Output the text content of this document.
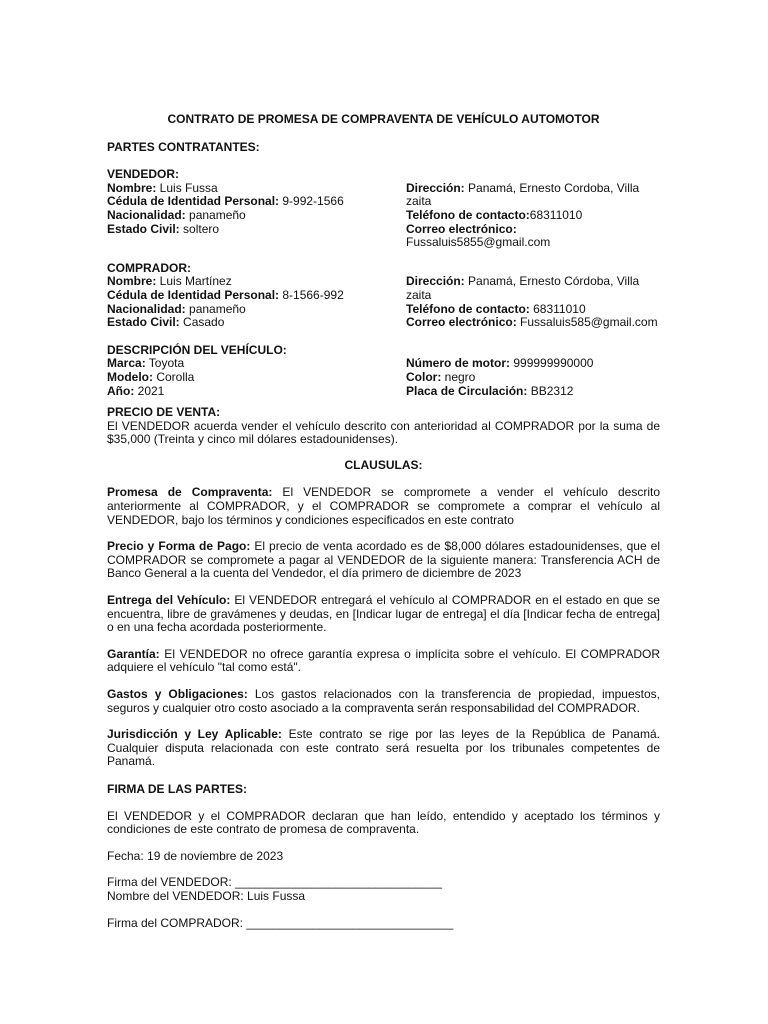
CONTRATO DE PROMESA DE COMPRAVENTA DE VEHÍCULO AUTOMOTOR

PARTES CONTRATANTES:

VENDEDOR:

Nombre: Luis Fussa

Cédula de Identidad Personal: 9-992-1566

Nacionalidad: panameño

Estado Civil: soltero

Dirección: Panamá, Ernesto Cordoba, Villa zaita

Teléfono de contacto:68311010

Correo electrónico:

Fussaluis5855@gmail.com

COMPRADOR:

Nombre: Luis Martínez

Cédula de Identidad Personal: 8-1566-992

Nacionalidad: panameño

Estado Civil: Casado

Dirección: Panamá, Ernesto Córdoba, Villa zaita

Teléfono de contacto: 68311010

Correo electrónico: Fussaluis585@gmail.com

DESCRIPCIÓN DEL VEHÍCULO:

Marca: Toyota

Modelo: Corolla

Año: 2021

Número de motor: 999999990000

Color: negro

Placa de Circulación: BB2312

PRECIO DE VENTA:

El VENDEDOR acuerda vender el vehículo descrito con anterioridad al COMPRADOR por la suma de $35,000 (Treinta y cinco mil dólares estadounidenses).

CLAUSULAS:

Promesa de Compraventa: El VENDEDOR se compromete a vender el vehículo descrito anteriormente al COMPRADOR, y el COMPRADOR se compromete a comprar el vehículo al VENDEDOR, bajo los términos y condiciones especificados en este contrato

Precio y Forma de Pago: El precio de venta acordado es de $8,000 dólares estadounidenses, que el COMPRADOR se compromete a pagar al VENDEDOR de la siguiente manera: Transferencia ACH de Banco General a la cuenta del Vendedor, el día primero de diciembre de 2023

Entrega del Vehículo: El VENDEDOR entregará el vehículo al COMPRADOR en el estado en que se encuentra, libre de gravámenes y deudas, en [Indicar lugar de entrega] el día [Indicar fecha de entrega] o en una fecha acordada posteriormente.

Garantía: El VENDEDOR no ofrece garantía expresa o implícita sobre el vehículo. El COMPRADOR adquiere el vehículo "tal como está".

Gastos y Obligaciones: Los gastos relacionados con la transferencia de propiedad, impuestos, seguros y cualquier otro costo asociado a la compraventa serán responsabilidad del COMPRADOR.

Jurisdicción y Ley Aplicable: Este contrato se rige por las leyes de la República de Panamá. Cualquier disputa relacionada con este contrato será resuelta por los tribunales competentes de Panamá.

FIRMA DE LAS PARTES:

El VENDEDOR y el COMPRADOR declaran que han leído, entendido y aceptado los términos y condiciones de este contrato de promesa de compraventa.

Fecha: 19 de noviembre de 2023

Firma del VENDEDOR: _______________________________

Nombre del VENDEDOR: Luis Fussa

Firma del COMPRADOR: _______________________________
